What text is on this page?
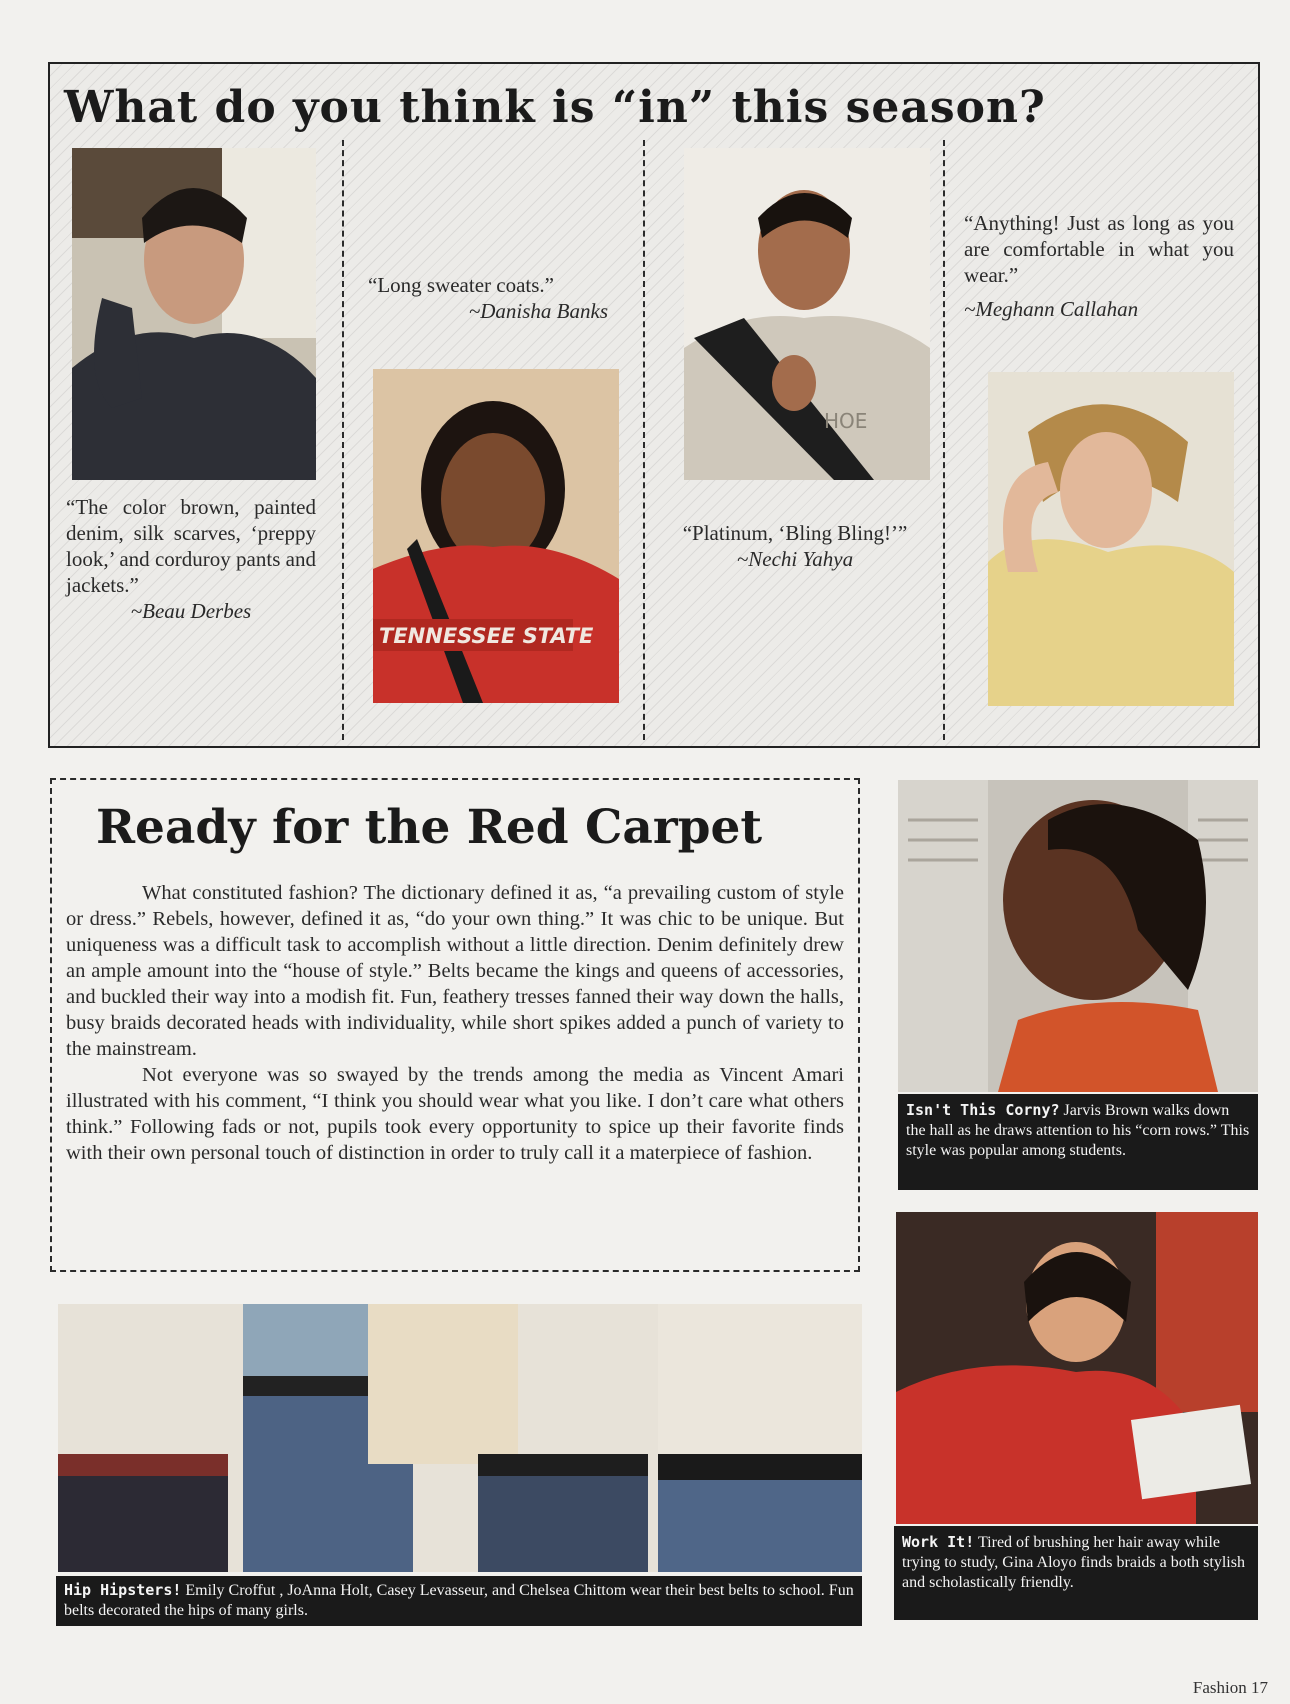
What do you think is “in” this season?
“The color brown, painted denim, silk scarves, ‘preppy look,’ and corduroy pants and jackets.”
~Beau Derbes
“Long sweater coats.”
~Danisha Banks
TENNESSEE STATE
HOE
“Platinum, ‘Bling Bling!’”
~Nechi Yahya
“Anything! Just as long as you are comfortable in what you wear.”
~Meghann Callahan
Ready for the Red Carpet

What constituted fashion? The dictionary defined it as, “a prevailing custom of style or dress.” Rebels, however, defined it as, “do your own thing.” It was chic to be unique. But uniqueness was a difficult task to accomplish without a little direction. Denim definitely drew an ample amount into the “house of style.” Belts became the kings and queens of accessories, and buckled their way into a modish fit. Fun, feathery tresses fanned their way down the halls, busy braids decorated heads with individuality, while short spikes added a punch of variety to the mainstream.

Not everyone was so swayed by the trends among the media as Vincent Amari illustrated with his comment, “I think you should wear what you like. I don’t care what others think.” Following fads or not, pupils took every opportunity to spice up their favorite finds with their own personal touch of distinction in order to truly call it a materpiece of fashion.

Isn't This Corny? Jarvis Brown walks down the hall as he draws attention to his “corn rows.” This style was popular among students.
Hip Hipsters! Emily Croffut , JoAnna Holt, Casey Levasseur, and Chelsea Chittom wear their best belts to school. Fun belts decorated the hips of many girls.
Work It! Tired of brushing her hair away while trying to study, Gina Aloyo finds braids a both stylish and scholastically friendly.
Fashion 17
